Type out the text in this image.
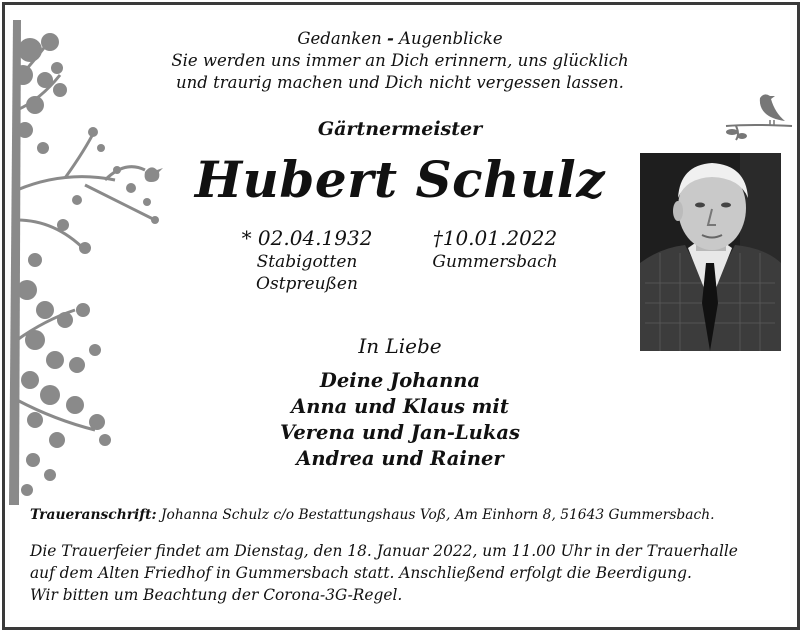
Gedanken - Augenblicke
Sie werden uns immer an Dich erinnern, uns glücklich
und traurig machen und Dich nicht vergessen lassen.
Gärtnermeister
Hubert Schulz
* 02.04.1932
Stabigotten
Ostpreußen
†10.01.2022
Gummersbach
In Liebe
Deine Johanna
Anna und Klaus mit
Verena und Jan-Lukas
Andrea und Rainer
Traueranschrift: Johanna Schulz c/o Bestattungshaus Voß, Am Einhorn 8, 51643 Gummersbach.
Die Trauerfeier findet am Dienstag, den 18. Januar 2022, um 11.00 Uhr in der Trauerhalle
auf dem Alten Friedhof in Gummersbach statt. Anschließend erfolgt die Beerdigung.
Wir bitten um Beachtung der Corona-3G-Regel.
